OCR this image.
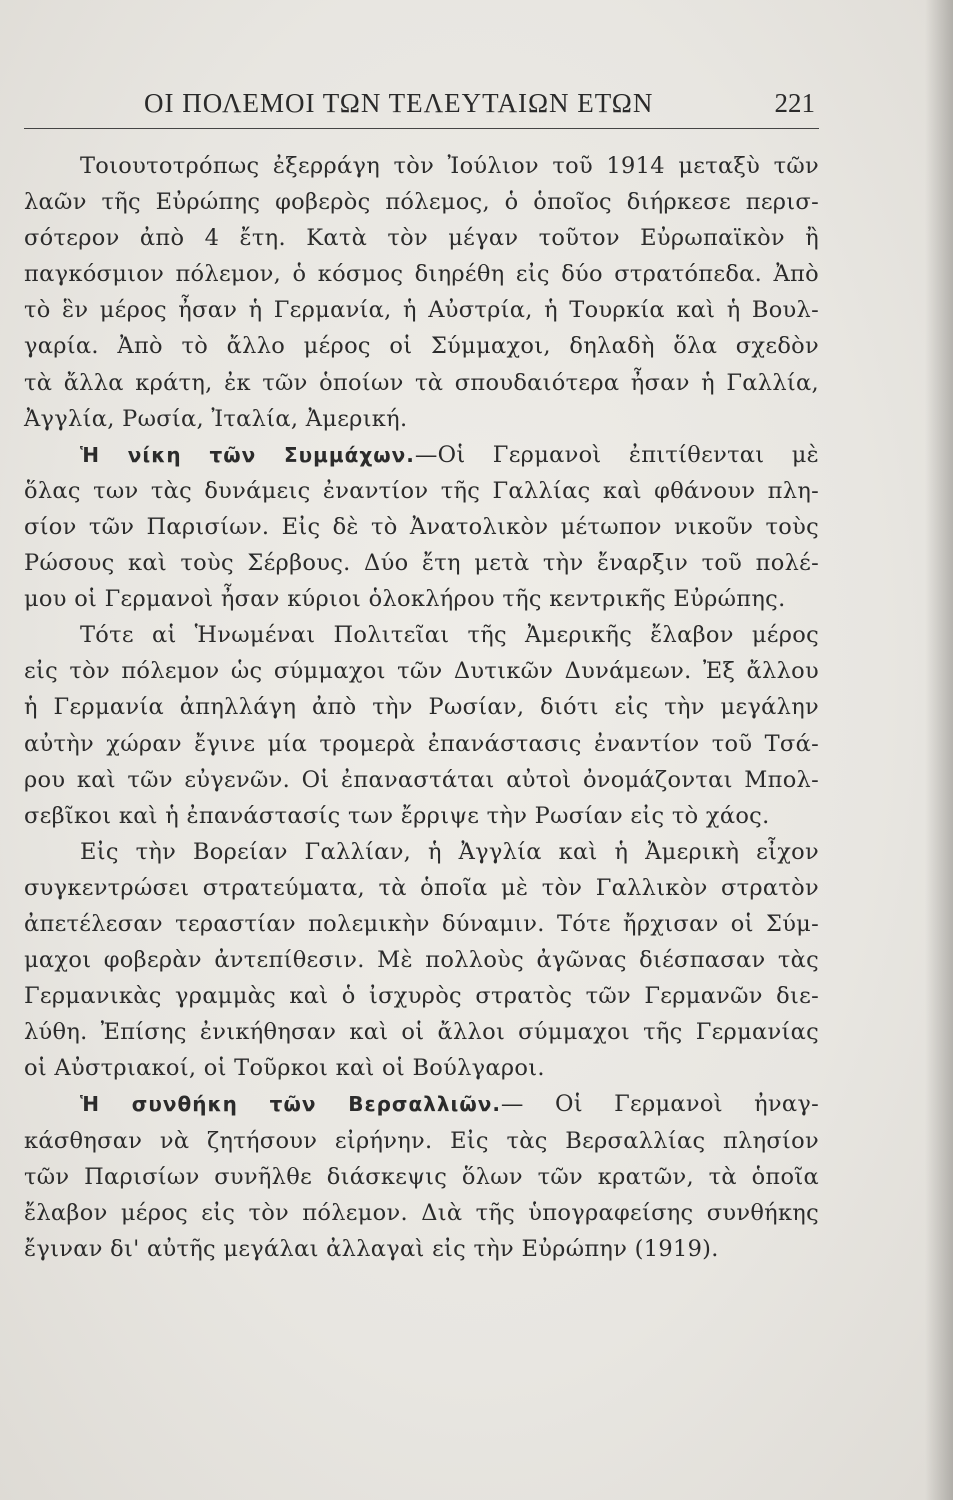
ΟΙ ΠΟΛΕΜΟΙ ΤΩΝ ΤΕΛΕΥΤΑΙΩΝ ΕΤΩΝ	221
Τοιουτοτρόπως ἐξερράγη τὸν Ἰούλιον τοῦ 1914 μεταξὺ τῶν
λαῶν τῆς Εὐρώπης φοβερὸς πόλεμος, ὁ ὁποῖος διήρκεσε περισ-
σότερον ἀπὸ 4 ἔτη. Κατὰ τὸν μέγαν τοῦτον Εὐρωπαϊκὸν ἢ
παγκόσμιον πόλεμον, ὁ κόσμος διηρέθη εἰς δύο στρατόπεδα. Ἀπὸ
τὸ ἓν μέρος ἦσαν ἡ Γερμανία, ἡ Αὐστρία, ἡ Τουρκία καὶ ἡ Βουλ-
γαρία. Ἀπὸ τὸ ἄλλο μέρος οἱ Σύμμαχοι, δηλαδὴ ὅλα σχεδὸν
τὰ ἄλλα κράτη, ἐκ τῶν ὁποίων τὰ σπουδαιότερα ἦσαν ἡ Γαλλία,
Ἀγγλία, Ρωσία, Ἰταλία, Ἀμερική.
Ἡ νίκη τῶν Συμμάχων.—Οἱ Γερμανοὶ ἐπιτίθενται μὲ
ὅλας των τὰς δυνάμεις ἐναντίον τῆς Γαλλίας καὶ φθάνουν πλη-
σίον τῶν Παρισίων. Εἰς δὲ τὸ Ἀνατολικὸν μέτωπον νικοῦν τοὺς
Ρώσους καὶ τοὺς Σέρβους. Δύο ἔτη μετὰ τὴν ἔναρξιν τοῦ πολέ-
μου οἱ Γερμανοὶ ἦσαν κύριοι ὁλοκλήρου τῆς κεντρικῆς Εὐρώπης.
Τότε αἱ Ἡνωμέναι Πολιτεῖαι τῆς Ἀμερικῆς ἔλαβον μέρος
εἰς τὸν πόλεμον ὡς σύμμαχοι τῶν Δυτικῶν Δυνάμεων. Ἐξ ἄλλου
ἡ Γερμανία ἀπηλλάγη ἀπὸ τὴν Ρωσίαν, διότι εἰς τὴν μεγάλην
αὐτὴν χώραν ἔγινε μία τρομερὰ ἐπανάστασις ἐναντίον τοῦ Τσά-
ρου καὶ τῶν εὐγενῶν. Οἱ ἐπαναστάται αὐτοὶ ὀνομάζονται Μπολ-
σεβῖκοι καὶ ἡ ἐπανάστασίς των ἔρριψε τὴν Ρωσίαν εἰς τὸ χάος.
Εἰς τὴν Βορείαν Γαλλίαν, ἡ Ἀγγλία καὶ ἡ Ἀμερικὴ εἶχον
συγκεντρώσει στρατεύματα, τὰ ὁποῖα μὲ τὸν Γαλλικὸν στρατὸν
ἀπετέλεσαν τεραστίαν πολεμικὴν δύναμιν. Τότε ἤρχισαν οἱ Σύμ-
μαχοι φοβερὰν ἀντεπίθεσιν. Μὲ πολλοὺς ἀγῶνας διέσπασαν τὰς
Γερμανικὰς γραμμὰς καὶ ὁ ἰσχυρὸς στρατὸς τῶν Γερμανῶν διε-
λύθη. Ἐπίσης ἐνικήθησαν καὶ οἱ ἄλλοι σύμμαχοι τῆς Γερμανίας
οἱ Αὐστριακοί, οἱ Τοῦρκοι καὶ οἱ Βούλγαροι.
Ἡ συνθήκη τῶν Βερσαλλιῶν.— Οἱ Γερμανοὶ ἠναγ-
κάσθησαν νὰ ζητήσουν εἰρήνην. Εἰς τὰς Βερσαλλίας πλησίον
τῶν Παρισίων συνῆλθε διάσκεψις ὅλων τῶν κρατῶν, τὰ ὁποῖα
ἔλαβον μέρος εἰς τὸν πόλεμον. Διὰ τῆς ὑπογραφείσης συνθήκης
ἔγιναν δι' αὐτῆς μεγάλαι ἀλλαγαὶ εἰς τὴν Εὐρώπην (1919).
